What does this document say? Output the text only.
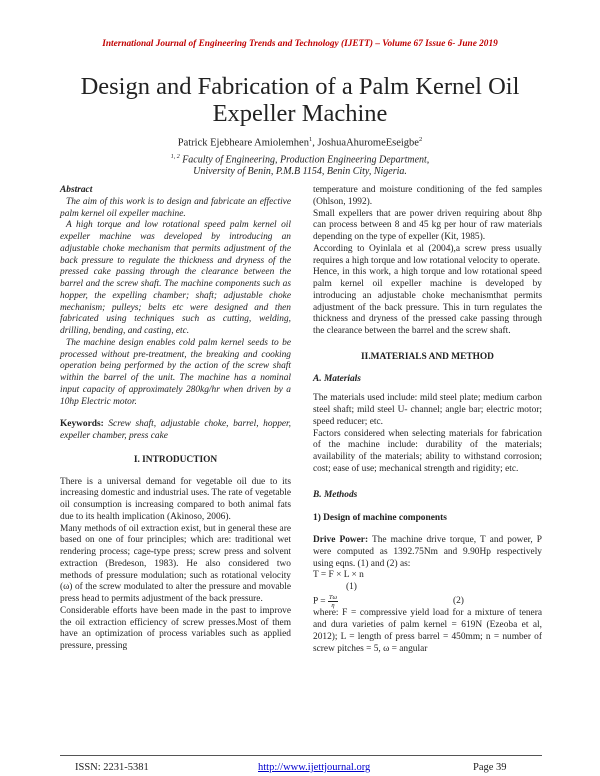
International Journal of Engineering Trends and Technology (IJETT) – Volume 67 Issue 6- June 2019
Design and Fabrication of a Palm Kernel Oil
Expeller Machine
Patrick Ejebheare Amiolemhen$^1$, JoshuaAhuromeEseigbe$^2$
$^{1, 2}$ Faculty of Engineering, Production Engineering Department,
University of Benin, P.M.B 1154, Benin City, Nigeria.

Abstract

The aim of this work is to design and fabricate an effective palm kernel oil expeller machine.

A high torque and low rotational speed palm kernel oil expeller machine was developed by introducing an adjustable choke mechanism that permits adjustment of the back pressure to regulate the thickness and dryness of the pressed cake passing through the clearance between the barrel and the screw shaft. The machine components such as hopper, the expelling chamber; shaft; adjustable choke mechanism; pulleys; belts etc were designed and then fabricated using techniques such as cutting, welding, drilling, bending, and casting, etc.

The machine design enables cold palm kernel seeds to be processed without pre-treatment, the breaking and cooking operation being performed by the action of the screw shaft within the barrel of the unit. The machine has a nominal input capacity of approximately 280kg/hr when driven by a 10hp Electric motor.

Keywords: Screw shaft, adjustable choke, barrel, hopper, expeller chamber, press cake

I. INTRODUCTION

There is a universal demand for vegetable oil due to its increasing domestic and industrial uses. The rate of vegetable oil consumption is increasing compared to both animal fats due to its health implication (Akinoso, 2006).

Many methods of oil extraction exist, but in general these are based on one of four principles; which are: traditional wet rendering process; cage-type press; screw press and solvent extraction (Bredeson, 1983). He also considered two methods of pressure modulation; such as rotational velocity (ω) of the screw modulated to alter the pressure and movable press head to permits adjustment of the back pressure.

Considerable efforts have been made in the past to improve the oil extraction efficiency of screw presses.Most of them have an optimization of process variables such as applied pressure, pressing

temperature and moisture conditioning of the fed samples (Ohlson, 1992).

Small expellers that are power driven requiring about 8hp can process between 8 and 45 kg per hour of raw materials depending on the type of expeller (Kit, 1985).

According to Oyinlala et al (2004),a screw press usually requires a high torque and low rotational velocity to operate.

Hence, in this work, a high torque and low rotational speed palm kernel oil expeller machine is developed by introducing an adjustable choke mechanismthat permits adjustment of the back pressure. This in turn regulates the thickness and dryness of the pressed cake passing through the clearance between the barrel and the screw shaft.

II.MATERIALS AND METHOD

A. Materials

The materials used include: mild steel plate; medium carbon steel shaft; mild steel U- channel; angle bar; electric motor; speed reducer; etc.

Factors considered when selecting materials for fabrication of the machine include: durability of the materials; availability of the materials; ability to withstand corrosion; cost; ease of use; mechanical strength and rigidity; etc.

B. Methods

1) Design of machine components

Drive Power: The machine drive torque, T and power, P were computed as 1392.75Nm and 9.90Hp respectively using eqns. (1) and (2) as:

T = F × L × n
(1)
$P = \frac{T\omega}{\eta}$	(2)

where: F = compressive yield load for a mixture of tenera and dura varieties of palm kernel = 619N (Ezeoba et al, 2012); L = length of press barrel = 450mm; n = number of screw pitches = 5, ω = angular

ISSN: 2231-5381	http://www.ijettjournal.org	Page 39
